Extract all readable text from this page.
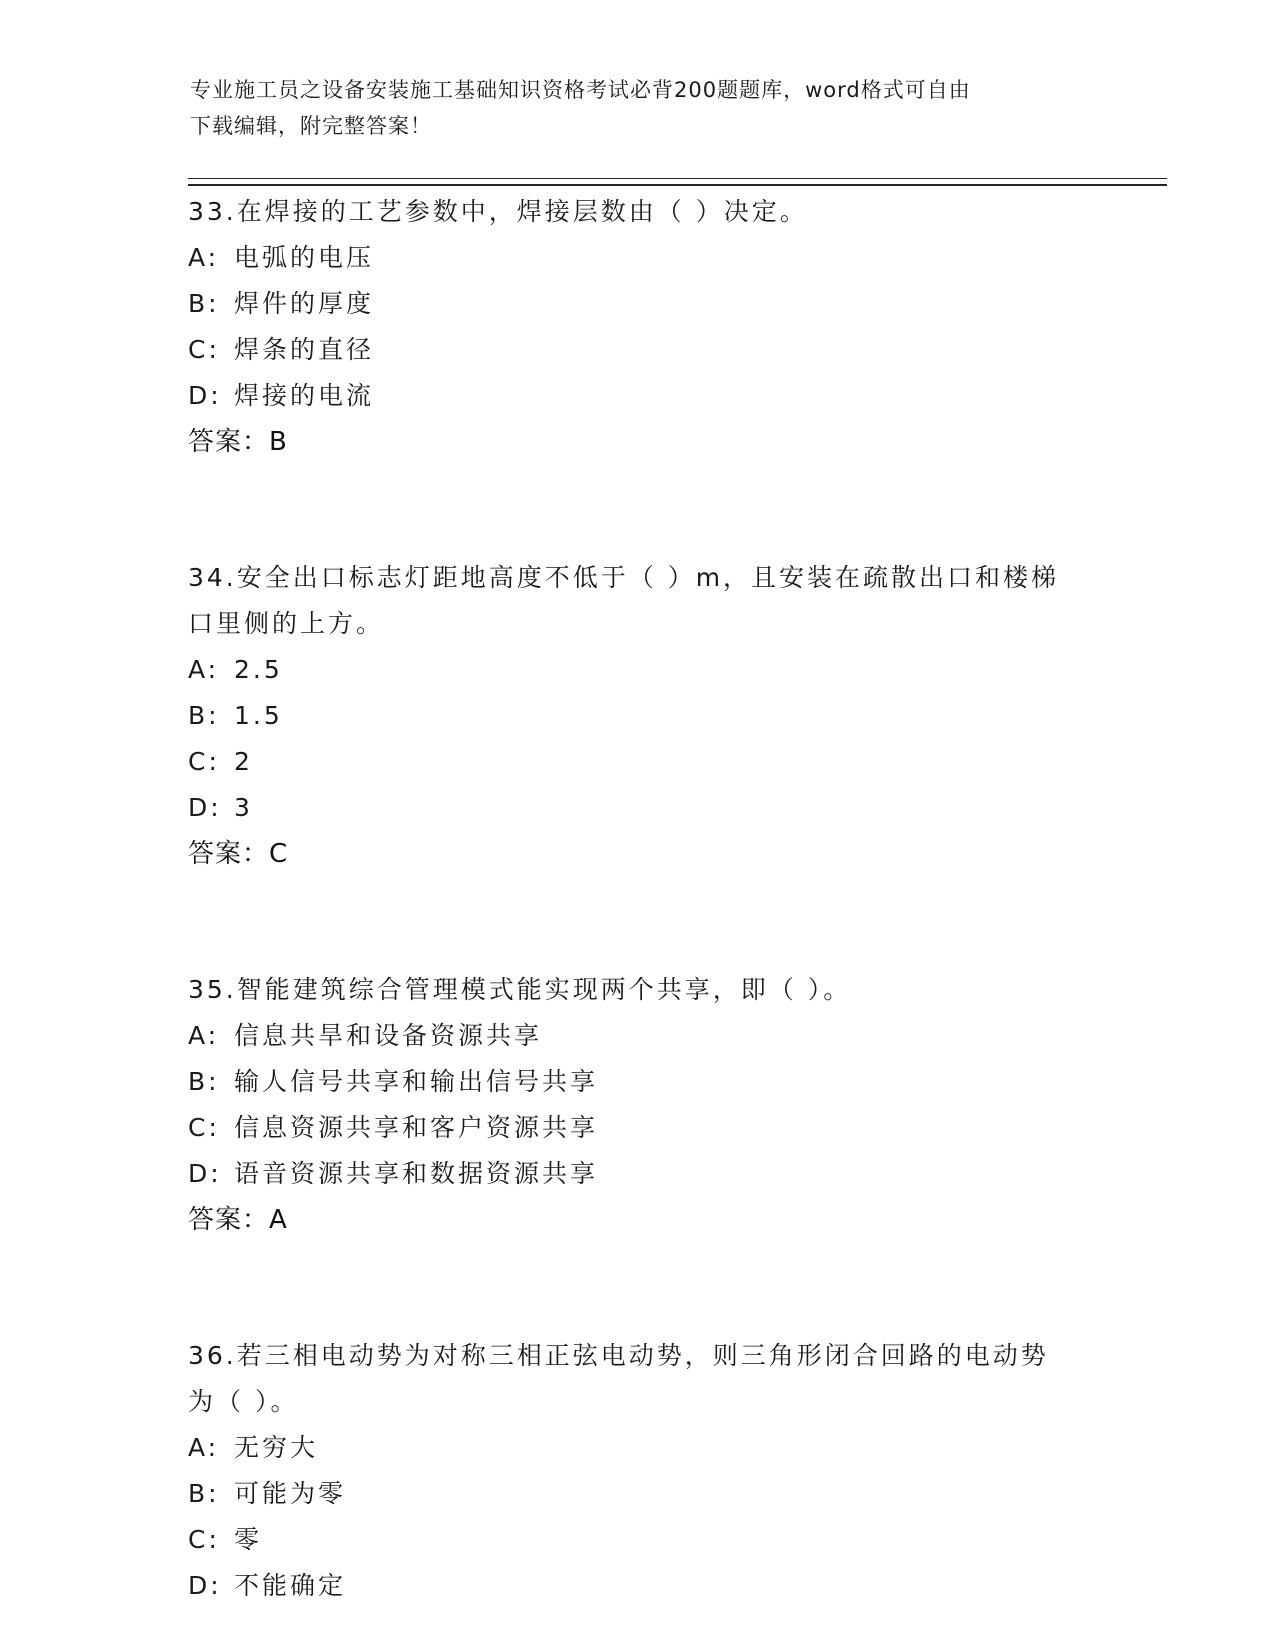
专业施工员之设备安装施工基础知识资格考试必背200题题库，word格式可自由
下载编辑，附完整答案！
33.在焊接的工艺参数中，焊接层数由（ ）决定。
A: 电弧的电压
B: 焊件的厚度
C: 焊条的直径
D: 焊接的电流
答案：B
34.安全出口标志灯距地高度不低于（ ）m，且安装在疏散出口和楼梯
口里侧的上方。
A: 2.5
B: 1.5
C: 2
D: 3
答案：C
35.智能建筑综合管理模式能实现两个共享，即（ ）。
A: 信息共旱和设备资源共享
B: 输人信号共享和输出信号共享
C: 信息资源共享和客户资源共享
D: 语音资源共享和数据资源共享
答案：A
36.若三相电动势为对称三相正弦电动势，则三角形闭合回路的电动势
为（ ）。
A: 无穷大
B: 可能为零
C: 零
D: 不能确定
